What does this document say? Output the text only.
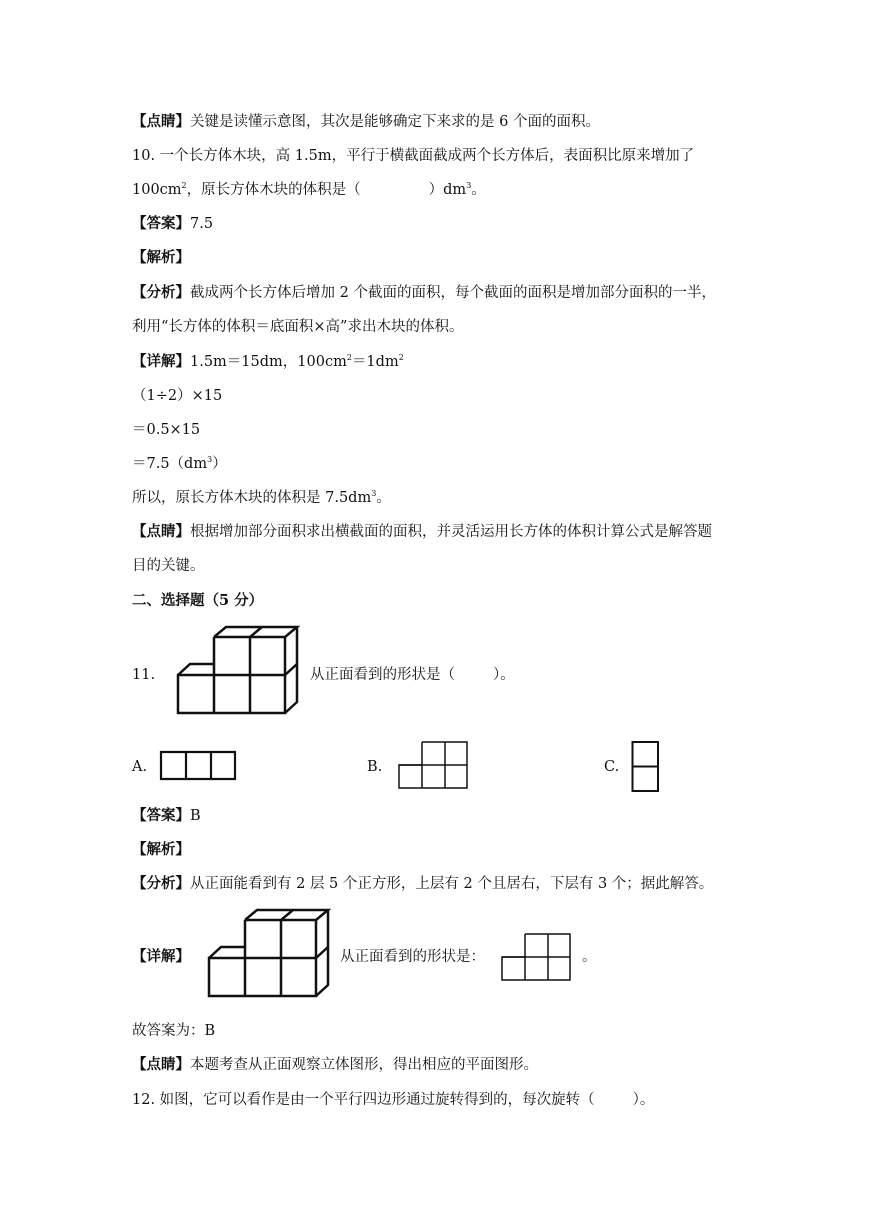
【点睛】关键是读懂示意图，其次是能够确定下来求的是 6 个面的面积。
10. 一个长方体木块，高 1.5m，平行于横截面截成两个长方体后，表面积比原来增加了
$100cm^2$，原长方体木块的体积是（	）$dm^3$。
【答案】7.5
【解析】
【分析】截成两个长方体后增加 2 个截面的面积，每个截面的面积是增加部分面积的一半，
利用“长方体的体积＝底面积×高”求出木块的体积。
【详解】1.5m＝15dm，$100cm^2=1dm^2$
（1÷2）×15
＝0.5×15
$=7.5(dm^3)$
所以，原长方体木块的体积是 $7.5dm^3$。
【点睛】根据增加部分面积求出横截面的面积，并灵活运用长方体的体积计算公式是解答题
目的关键。
二、选择题（5 分）
11.	从正面看到的形状是（	）。
A.	B.	C.
【答案】B
【解析】
【分析】从正面能看到有 2 层 5 个正方形，上层有 2 个且居右，下层有 3 个；据此解答。
【详解】	从正面看到的形状是：	。
故答案为：B
【点睛】本题考查从正面观察立体图形，得出相应的平面图形。
12. 如图，它可以看作是由一个平行四边形通过旋转得到的，每次旋转（	）。
